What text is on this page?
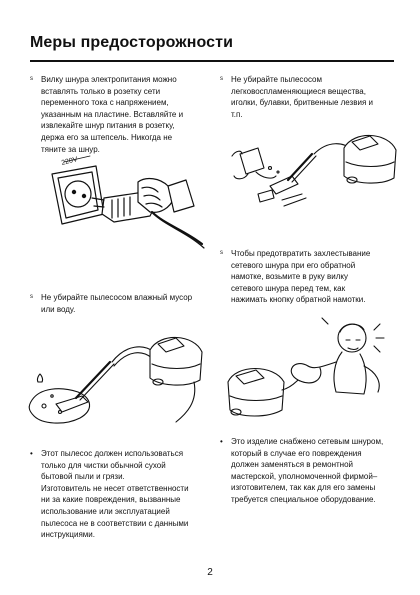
Меры предосторожности
s	Вилку шнура электропитания можно
вставлять только в розетку сети
переменного тока с напряжением,
указанным на пластине. Вставляйте и
извлекайте шнур питания в розетку,
держа его за штепсель. Никогда не
тяните за шнур.
220V
s	Не убирайте пылесосом влажный мусор
или воду.
•	Этот пылесос должен использоваться
только для чистки обычной сухой
бытовой пыли и грязи.
Изготовитель не несет ответственности
ни за какие повреждения, вызванные
использование или эксплуатацией
пылесоса не в соответствии с данными
инструкциями.
s	Не убирайте пылесосом
легковоспламеняющиеся вещества,
иголки, булавки, бритвенные лезвия и
т.п.
s	Чтобы предотвратить захлестывание
сетевого шнура при его обратной
намотке, возьмите в руку вилку
сетевого шнура перед тем, как
нажимать кнопку обратной намотки.
•	Это изделие снабжено сетевым шнуром,
который в случае его повреждения
должен заменяться в ремонтной
мастерской, уполномоченной фирмой–
изготовителем, так как для его замены
требуется специальное оборудование.
2
